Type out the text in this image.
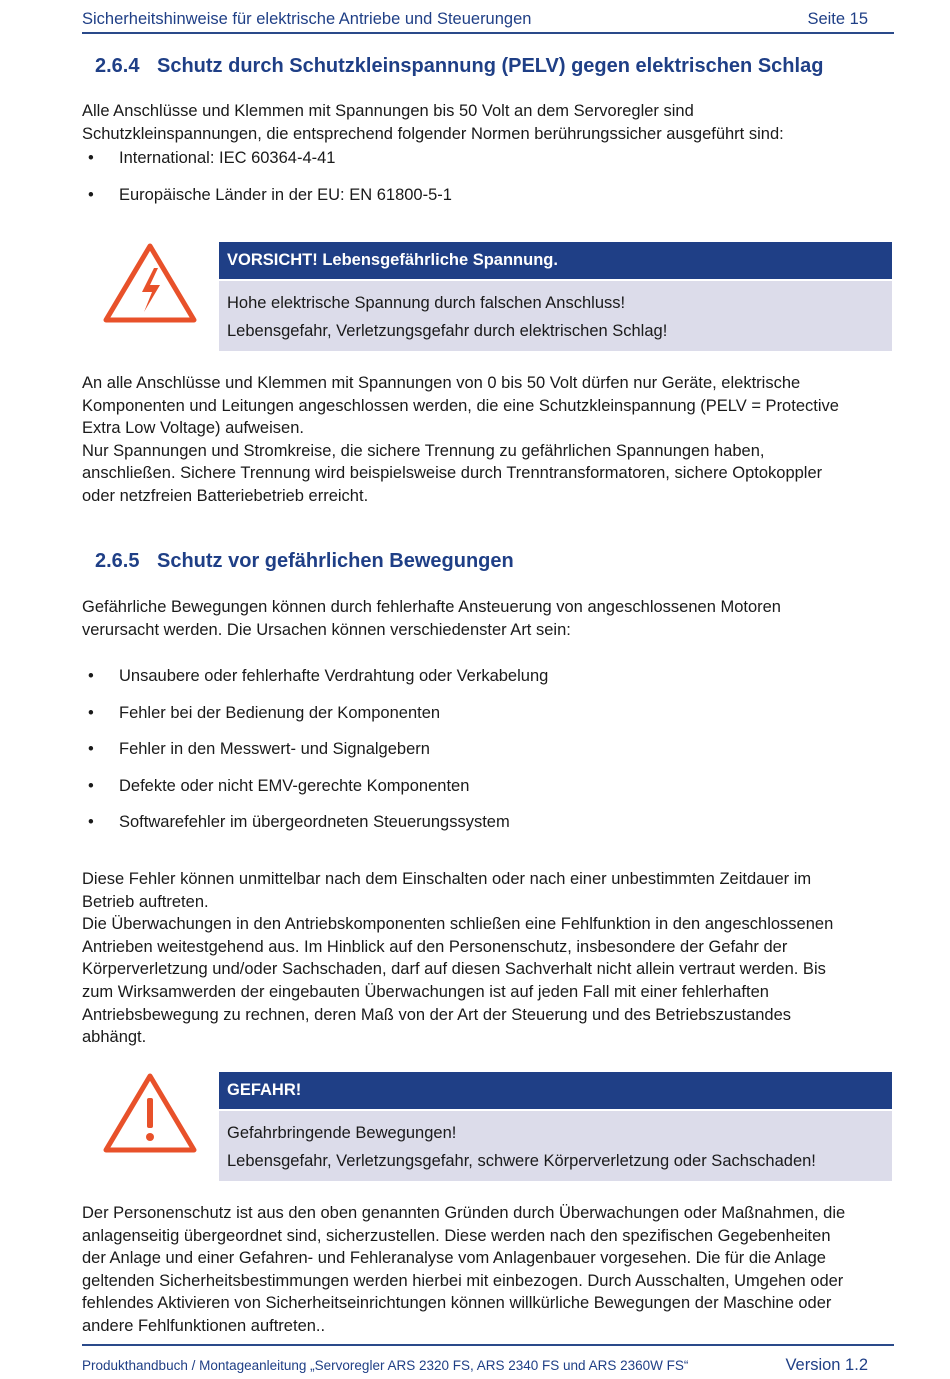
Sicherheitshinweise für elektrische Antriebe und Steuerungen	Seite 15
2.6.4 Schutz durch Schutzkleinspannung (PELV) gegen elektrischen Schlag

Alle Anschlüsse und Klemmen mit Spannungen bis 50 Volt an dem Servoregler sind

Schutzkleinspannungen, die entsprechend folgender Normen berührungssicher ausgeführt sind:

• International: IEC 60364-4-41
• Europäische Länder in der EU: EN 61800-5-1
VORSICHT! Lebensgefährliche Spannung.
Hohe elektrische Spannung durch falschen Anschluss!
Lebensgefahr, Verletzungsgefahr durch elektrischen Schlag!

An alle Anschlüsse und Klemmen mit Spannungen von 0 bis 50 Volt dürfen nur Geräte, elektrische

Komponenten und Leitungen angeschlossen werden, die eine Schutzkleinspannung (PELV = Protective

Extra Low Voltage) aufweisen.

Nur Spannungen und Stromkreise, die sichere Trennung zu gefährlichen Spannungen haben,

anschließen. Sichere Trennung wird beispielsweise durch Trenntransformatoren, sichere Optokoppler

oder netzfreien Batteriebetrieb erreicht.

2.6.5 Schutz vor gefährlichen Bewegungen

Gefährliche Bewegungen können durch fehlerhafte Ansteuerung von angeschlossenen Motoren

verursacht werden. Die Ursachen können verschiedenster Art sein:

• Unsaubere oder fehlerhafte Verdrahtung oder Verkabelung
• Fehler bei der Bedienung der Komponenten
• Fehler in den Messwert- und Signalgebern
• Defekte oder nicht EMV-gerechte Komponenten
• Softwarefehler im übergeordneten Steuerungssystem

Diese Fehler können unmittelbar nach dem Einschalten oder nach einer unbestimmten Zeitdauer im

Betrieb auftreten.

Die Überwachungen in den Antriebskomponenten schließen eine Fehlfunktion in den angeschlossenen

Antrieben weitestgehend aus. Im Hinblick auf den Personenschutz, insbesondere der Gefahr der

Körperverletzung und/oder Sachschaden, darf auf diesen Sachverhalt nicht allein vertraut werden. Bis

zum Wirksamwerden der eingebauten Überwachungen ist auf jeden Fall mit einer fehlerhaften

Antriebsbewegung zu rechnen, deren Maß von der Art der Steuerung und des Betriebszustandes

abhängt.

GEFAHR!
Gefahrbringende Bewegungen!
Lebensgefahr, Verletzungsgefahr, schwere Körperverletzung oder Sachschaden!

Der Personenschutz ist aus den oben genannten Gründen durch Überwachungen oder Maßnahmen, die

anlagenseitig übergeordnet sind, sicherzustellen. Diese werden nach den spezifischen Gegebenheiten

der Anlage und einer Gefahren- und Fehleranalyse vom Anlagenbauer vorgesehen. Die für die Anlage

geltenden Sicherheitsbestimmungen werden hierbei mit einbezogen. Durch Ausschalten, Umgehen oder

fehlendes Aktivieren von Sicherheitseinrichtungen können willkürliche Bewegungen der Maschine oder

andere Fehlfunktionen auftreten..

Produkthandbuch / Montageanleitung „Servoregler ARS 2320 FS, ARS 2340 FS und ARS 2360W FS“	Version 1.2
